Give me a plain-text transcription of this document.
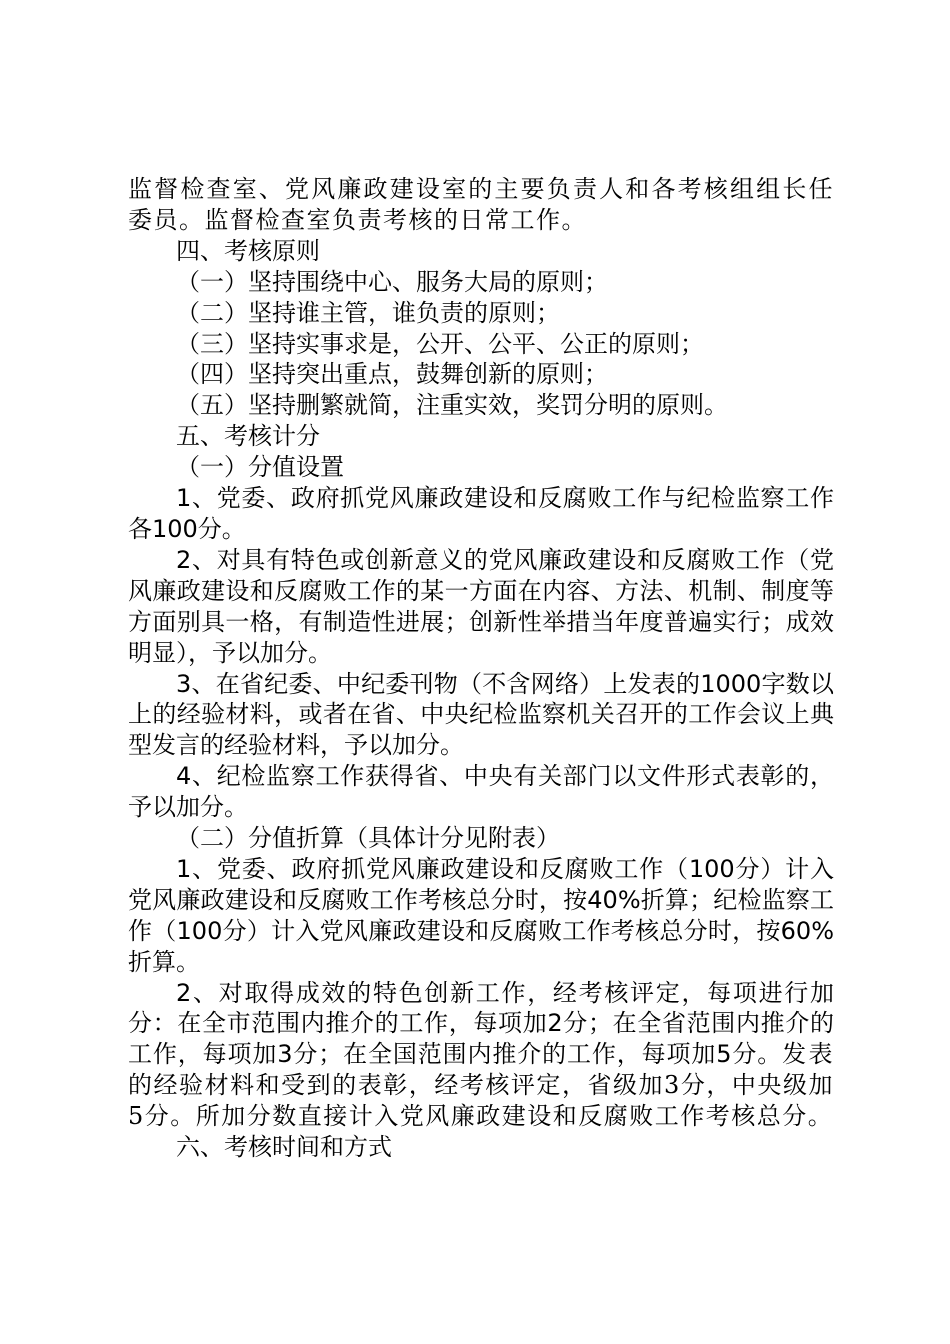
监督检查室、党风廉政建设室的主要负责人和各考核组组长任委员。监督检查室负责考核的日常工作。

四、考核原则

（一）坚持围绕中心、服务大局的原则；

（二）坚持谁主管，谁负责的原则；

（三）坚持实事求是，公开、公平、公正的原则；

（四）坚持突出重点，鼓舞创新的原则；

（五）坚持删繁就简，注重实效，奖罚分明的原则。

五、考核计分

（一）分值设置

1、党委、政府抓党风廉政建设和反腐败工作与纪检监察工作各100分。

2、对具有特色或创新意义的党风廉政建设和反腐败工作（党风廉政建设和反腐败工作的某一方面在内容、方法、机制、制度等方面别具一格，有制造性进展；创新性举措当年度普遍实行；成效明显），予以加分。

3、在省纪委、中纪委刊物（不含网络）上发表的1000字数以上的经验材料，或者在省、中央纪检监察机关召开的工作会议上典型发言的经验材料，予以加分。

4、纪检监察工作获得省、中央有关部门以文件形式表彰的，予以加分。

（二）分值折算（具体计分见附表）

1、党委、政府抓党风廉政建设和反腐败工作（100分）计入党风廉政建设和反腐败工作考核总分时，按40%折算；纪检监察工作（100分）计入党风廉政建设和反腐败工作考核总分时，按60%折算。

2、对取得成效的特色创新工作，经考核评定，每项进行加分：在全市范围内推介的工作，每项加2分；在全省范围内推介的工作，每项加3分；在全国范围内推介的工作，每项加5分。发表的经验材料和受到的表彰，经考核评定，省级加3分，中央级加5分。所加分数直接计入党风廉政建设和反腐败工作考核总分。

六、考核时间和方式
